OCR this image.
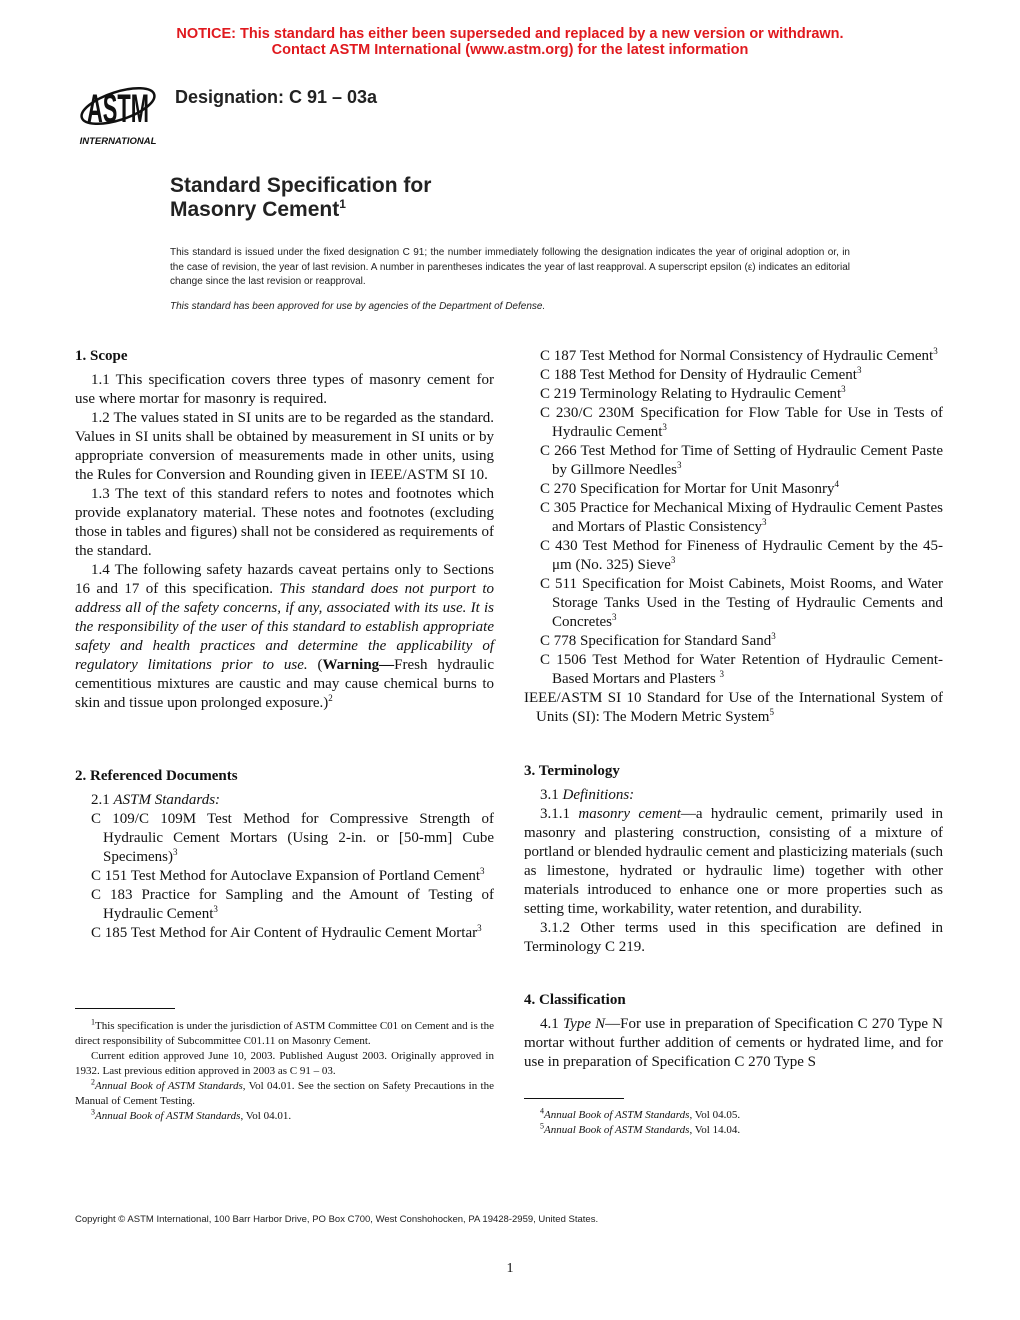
NOTICE: This standard has either been superseded and replaced by a new version or withdrawn.
Contact ASTM International (www.astm.org) for the latest information
ASTM
INTERNATIONAL
Designation: C 91 – 03a
Standard Specification for
Masonry Cement$^1$
This standard is issued under the fixed designation C 91; the number immediately following the designation indicates the year of original adoption or, in the case of revision, the year of last revision. A number in parentheses indicates the year of last reapproval. A superscript epsilon (ε) indicates an editorial change since the last revision or reapproval.
This standard has been approved for use by agencies of the Department of Defense.
1. Scope

1.1 This specification covers three types of masonry cement for use where mortar for masonry is required.

1.2 The values stated in SI units are to be regarded as the standard. Values in SI units shall be obtained by measurement in SI units or by appropriate conversion of measurements made in other units, using the Rules for Conversion and Rounding given in IEEE/ASTM SI 10.

1.3 The text of this standard refers to notes and footnotes which provide explanatory material. These notes and footnotes (excluding those in tables and figures) shall not be considered as requirements of the standard.

1.4 The following safety hazards caveat pertains only to Sections 16 and 17 of this specification. This standard does not purport to address all of the safety concerns, if any, associated with its use. It is the responsibility of the user of this standard to establish appropriate safety and health practices and determine the applicability of regulatory limitations prior to use. (Warning—Fresh hydraulic cementitious mixtures are caustic and may cause chemical burns to skin and tissue upon prolonged exposure.)$^2$

2. Referenced Documents

2.1 ASTM Standards:

C 109/C 109M Test Method for Compressive Strength of Hydraulic Cement Mortars (Using 2-in. or [50-mm] Cube Specimens)$^3$

C 151 Test Method for Autoclave Expansion of Portland Cement$^3$

C 183 Practice for Sampling and the Amount of Testing of Hydraulic Cement$^3$

C 185 Test Method for Air Content of Hydraulic Cement Mortar$^3$

$^1$This specification is under the jurisdiction of ASTM Committee C01 on Cement and is the direct responsibility of Subcommittee C01.11 on Masonry Cement.

Current edition approved June 10, 2003. Published August 2003. Originally approved in 1932. Last previous edition approved in 2003 as C 91 – 03.

$^2$Annual Book of ASTM Standards, Vol 04.01. See the section on Safety Precautions in the Manual of Cement Testing.

$^3$Annual Book of ASTM Standards, Vol 04.01.

C 187 Test Method for Normal Consistency of Hydraulic Cement$^3$

C 188 Test Method for Density of Hydraulic Cement$^3$

C 219 Terminology Relating to Hydraulic Cement$^3$

C 230/C 230M Specification for Flow Table for Use in Tests of Hydraulic Cement$^3$

C 266 Test Method for Time of Setting of Hydraulic Cement Paste by Gillmore Needles$^3$

C 270 Specification for Mortar for Unit Masonry$^4$

C 305 Practice for Mechanical Mixing of Hydraulic Cement Pastes and Mortars of Plastic Consistency$^3$

C 430 Test Method for Fineness of Hydraulic Cement by the 45-μm (No. 325) Sieve$^3$

C 511 Specification for Moist Cabinets, Moist Rooms, and Water Storage Tanks Used in the Testing of Hydraulic Cements and Concretes$^3$

C 778 Specification for Standard Sand$^3$

C 1506 Test Method for Water Retention of Hydraulic Cement-Based Mortars and Plasters $^3$

IEEE/ASTM SI 10 Standard for Use of the International System of Units (SI): The Modern Metric System$^5$

3. Terminology

3.1 Definitions:

3.1.1 masonry cement—a hydraulic cement, primarily used in masonry and plastering construction, consisting of a mixture of portland or blended hydraulic cement and plasticizing materials (such as limestone, hydrated or hydraulic lime) together with other materials introduced to enhance one or more properties such as setting time, workability, water retention, and durability.

3.1.2 Other terms used in this specification are defined in Terminology C 219.

4. Classification

4.1 Type N—For use in preparation of Specification C 270 Type N mortar without further addition of cements or hydrated lime, and for use in preparation of Specification C 270 Type S

$^4$Annual Book of ASTM Standards, Vol 04.05.

$^5$Annual Book of ASTM Standards, Vol 14.04.

Copyright © ASTM International, 100 Barr Harbor Drive, PO Box C700, West Conshohocken, PA 19428-2959, United States.
1
